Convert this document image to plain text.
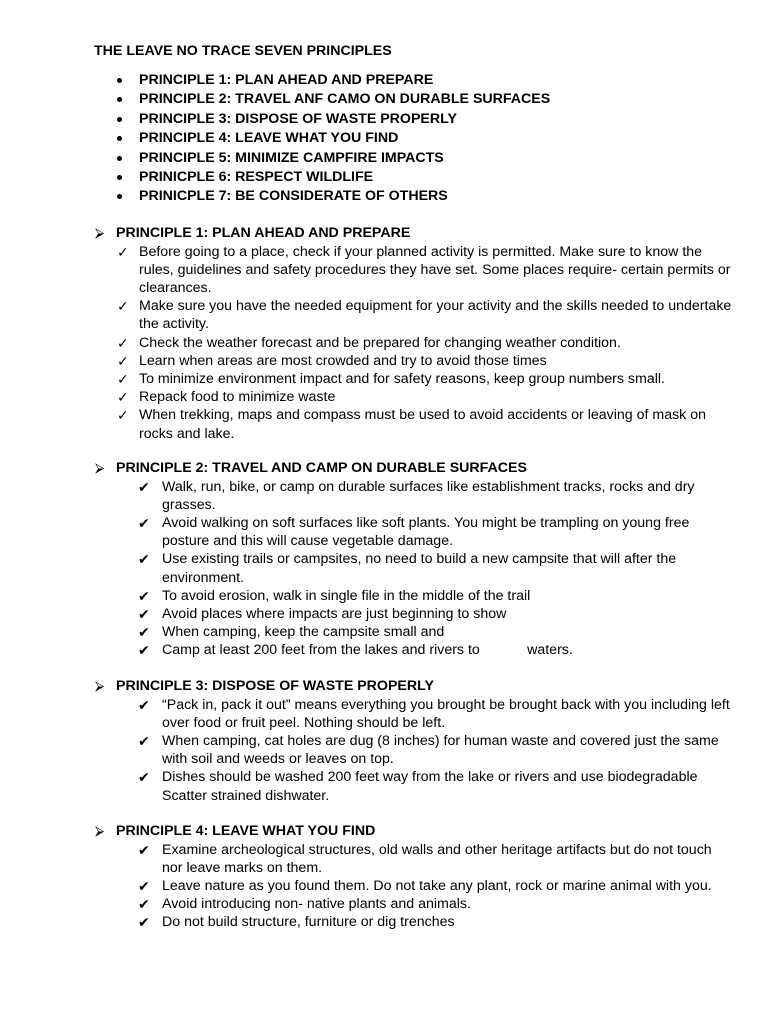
THE LEAVE NO TRACE SEVEN PRINCIPLES
PRINCIPLE 1: PLAN AHEAD AND PREPARE
PRINCIPLE 2: TRAVEL ANF CAMO ON DURABLE SURFACES
PRINCIPLE 3: DISPOSE OF WASTE PROPERLY
PRINCIPLE 4: LEAVE WHAT YOU FIND
PRINCIPLE 5: MINIMIZE CAMPFIRE IMPACTS
PRINICPLE 6: RESPECT WILDLIFE
PRINICPLE 7: BE CONSIDERATE OF OTHERS
⮚ PRINCIPLE 1: PLAN AHEAD AND PREPARE
✓ Before going to a place, check if your planned activity is permitted. Make sure to know the rules, guidelines and safety procedures they have set. Some places require- certain permits or clearances.
✓ Make sure you have the needed equipment for your activity and the skills needed to undertake the activity.
✓ Check the weather forecast and be prepared for changing weather condition.
✓ Learn when areas are most crowded and try to avoid those times
✓ To minimize environment impact and for safety reasons, keep group numbers small.
✓ Repack food to minimize waste
✓ When trekking, maps and compass must be used to avoid accidents or leaving of mask on rocks and lake.
⮚ PRINCIPLE 2: TRAVEL AND CAMP ON DURABLE SURFACES
✔ Walk, run, bike, or camp on durable surfaces like establishment tracks, rocks and dry grasses.
✔ Avoid walking on soft surfaces like soft plants. You might be trampling on young free posture and this will cause vegetable damage.
✔ Use existing trails or campsites, no need to build a new campsite that will after the environment.
✔ To avoid erosion, walk in single file in the middle of the trail
✔ Avoid places where impacts are just beginning to show
✔ When camping, keep the campsite small and
✔ Camp at least 200 feet from the lakes and rivers to            waters.
⮚ PRINCIPLE 3: DISPOSE OF WASTE PROPERLY
✔ “Pack in, pack it out” means everything you brought be brought back with you including left over food or fruit peel. Nothing should be left.
✔ When camping, cat holes are dug (8 inches) for human waste and covered just the same with soil and weeds or leaves on top.
✔ Dishes should be washed 200 feet way from the lake or rivers and use biodegradable             Scatter strained dishwater.
⮚ PRINCIPLE 4: LEAVE WHAT YOU FIND
✔ Examine archeological structures, old walls and other heritage artifacts but do not touch nor leave marks on them.
✔ Leave nature as you found them. Do not take any plant, rock or marine animal with you.
✔ Avoid introducing non- native plants and animals.
✔ Do not build structure, furniture or dig trenches
